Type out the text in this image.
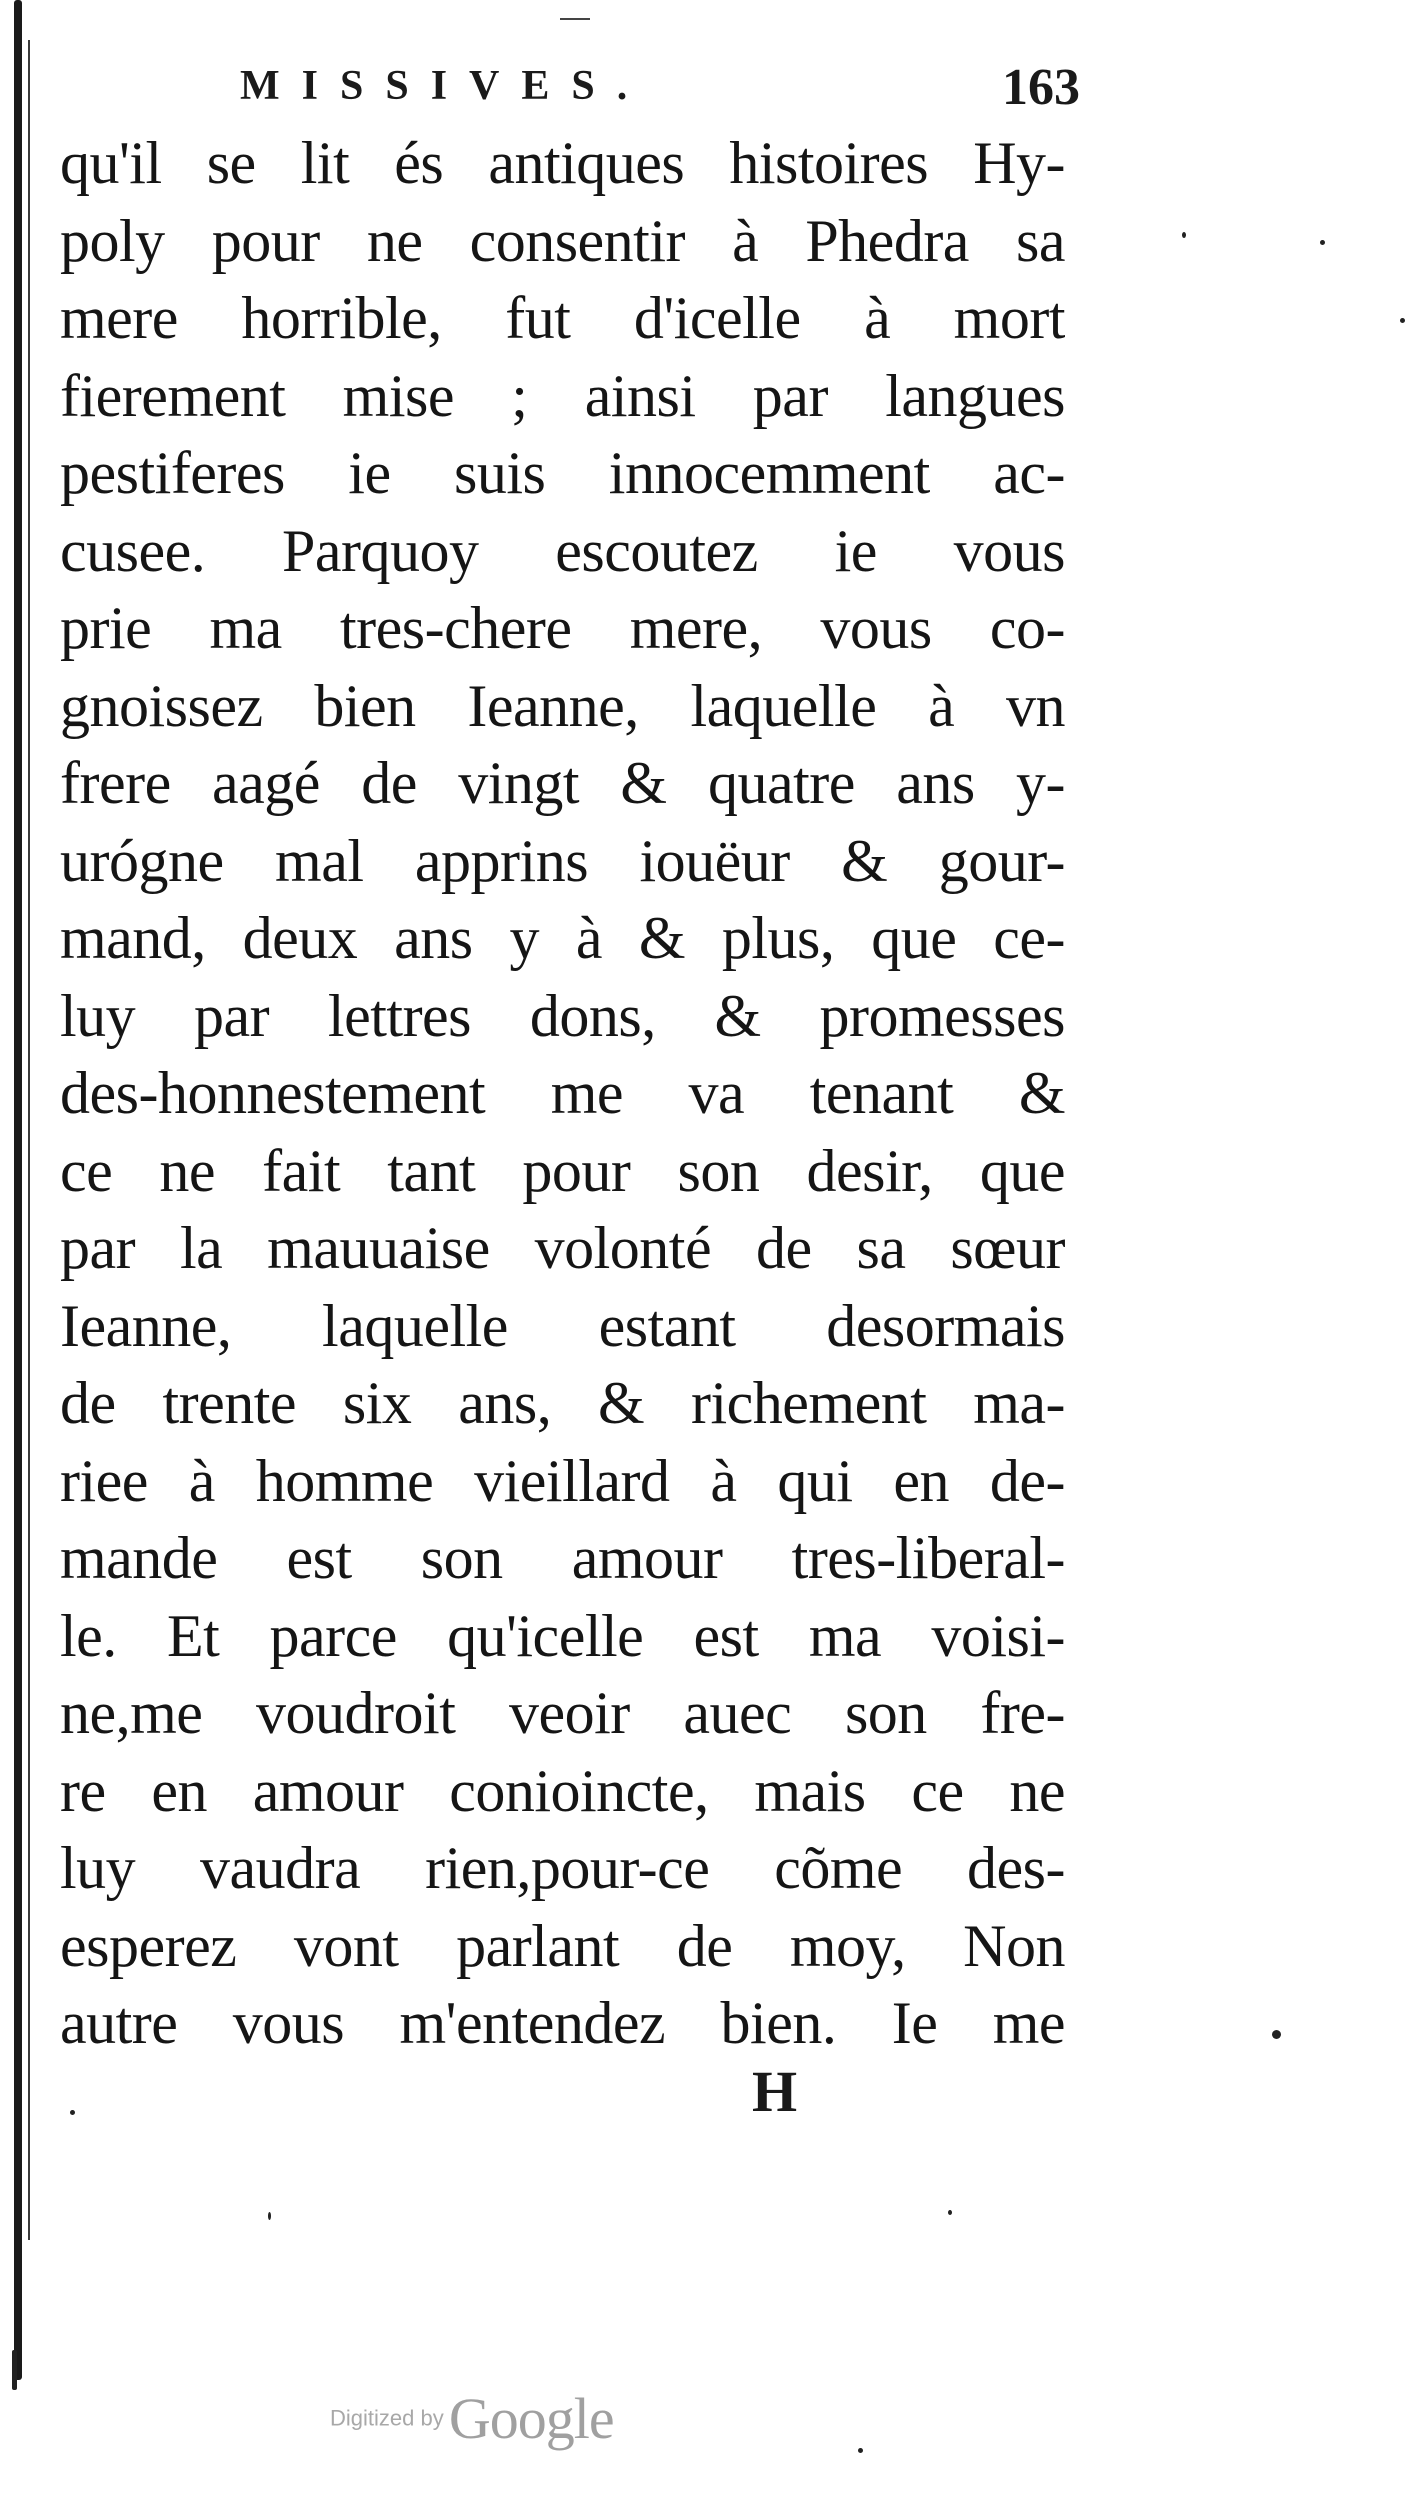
MISSIVES.	163
qu'il se lit és antiques histoires Hy-
poly pour ne consentir à Phedra sa
mere horrible, fut d'icelle à mort
fierement mise ; ainsi par langues
pestiferes ie suis innocemment ac-
cusee. Parquoy escoutez ie vous
prie ma tres-chere mere, vous co-
gnoissez bien Ieanne, laquelle à vn
frere aagé de vingt & quatre ans y-
urógne mal apprins iouëur & gour-
mand, deux ans y à & plus, que ce-
luy par lettres dons, & promesses
des-honnestement me va tenant &
ce ne fait tant pour son desir, que
par la mauuaise volonté de sa sœur
Ieanne, laquelle estant desormais
de trente six ans, & richement ma-
riee à homme vieillard à qui en de-
mande est son amour tres-liberal-
le. Et parce qu'icelle est ma voisi-
ne,me voudroit veoir auec son fre-
re en amour conioincte, mais ce ne
luy vaudra rien,pour-ce cõme des-
esperez vont parlant de moy, Non
autre vous m'entendez bien. Ie me
H
Digitized by Google
